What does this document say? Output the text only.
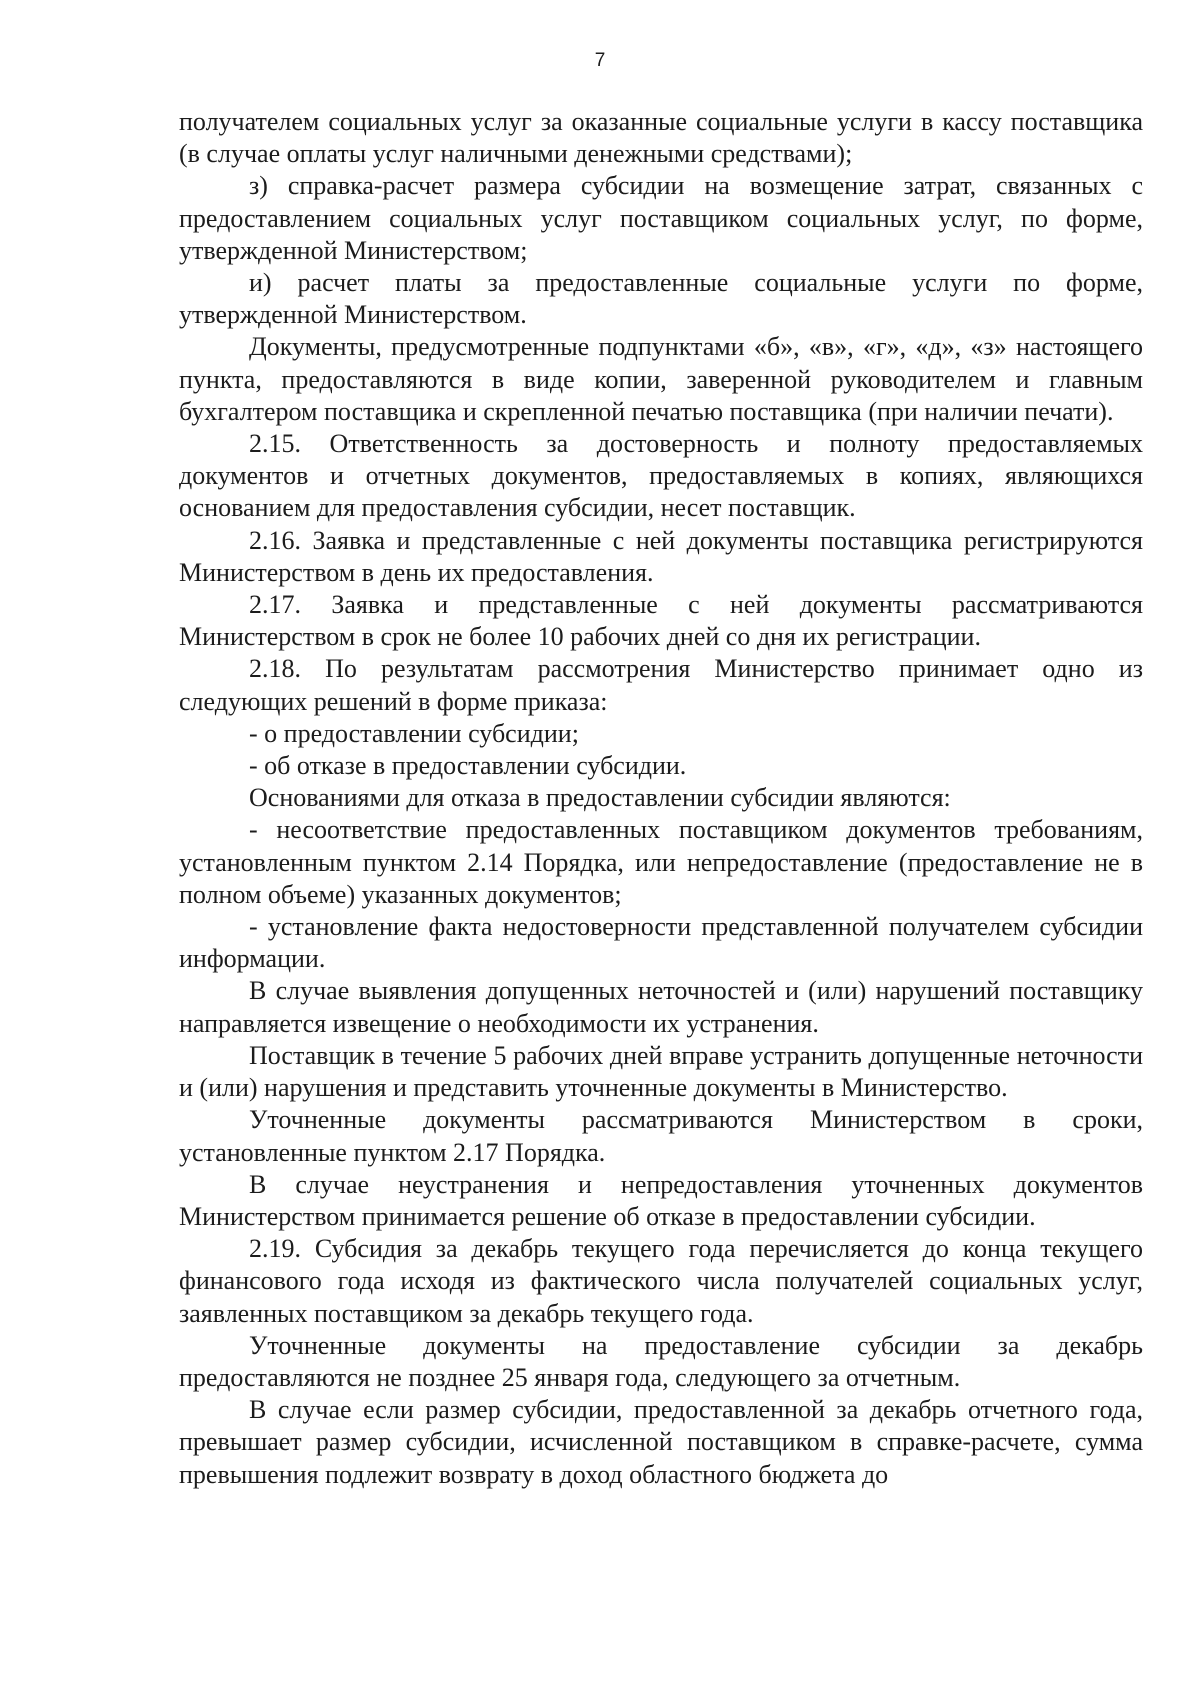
7

получателем социальных услуг за оказанные социальные услуги в кассу поставщика (в случае оплаты услуг наличными денежными средствами);

з) справка-расчет размера субсидии на возмещение затрат, связанных с предоставлением социальных услуг поставщиком социальных услуг, по форме, утвержденной Министерством;

и) расчет платы за предоставленные социальные услуги по форме, утвержденной Министерством.

Документы, предусмотренные подпунктами «б», «в», «г», «д», «з» настоящего пункта, предоставляются в виде копии, заверенной руководителем и главным бухгалтером поставщика и скрепленной печатью поставщика (при наличии печати).

2.15. Ответственность за достоверность и полноту предоставляемых документов и отчетных документов, предоставляемых в копиях, являющихся основанием для предоставления субсидии, несет поставщик.

2.16. Заявка и представленные с ней документы поставщика регистрируются Министерством в день их предоставления.

2.17. Заявка и представленные с ней документы рассматриваются Министерством в срок не более 10 рабочих дней со дня их регистрации.

2.18. По результатам рассмотрения Министерство принимает одно из следующих решений в форме приказа:

- о предоставлении субсидии;

- об отказе в предоставлении субсидии.

Основаниями для отказа в предоставлении субсидии являются:

- несоответствие предоставленных поставщиком документов требованиям, установленным пунктом 2.14 Порядка, или непредоставление (предоставление не в полном объеме) указанных документов;

- установление факта недостоверности представленной получателем субсидии информации.

В случае выявления допущенных неточностей и (или) нарушений поставщику направляется извещение о необходимости их устранения.

Поставщик в течение 5 рабочих дней вправе устранить допущенные неточности и (или) нарушения и представить уточненные документы в Министерство.

Уточненные документы рассматриваются Министерством в сроки, установленные пунктом 2.17 Порядка.

В случае неустранения и непредоставления уточненных документов Министерством принимается решение об отказе в предоставлении субсидии.

2.19. Субсидия за декабрь текущего года перечисляется до конца текущего финансового года исходя из фактического числа получателей социальных услуг, заявленных поставщиком за декабрь текущего года.

Уточненные документы на предоставление субсидии за декабрь предоставляются не позднее 25 января года, следующего за отчетным.

В случае если размер субсидии, предоставленной за декабрь отчетного года, превышает размер субсидии, исчисленной поставщиком в справке-расчете, сумма превышения подлежит возврату в доход областного бюджета до
